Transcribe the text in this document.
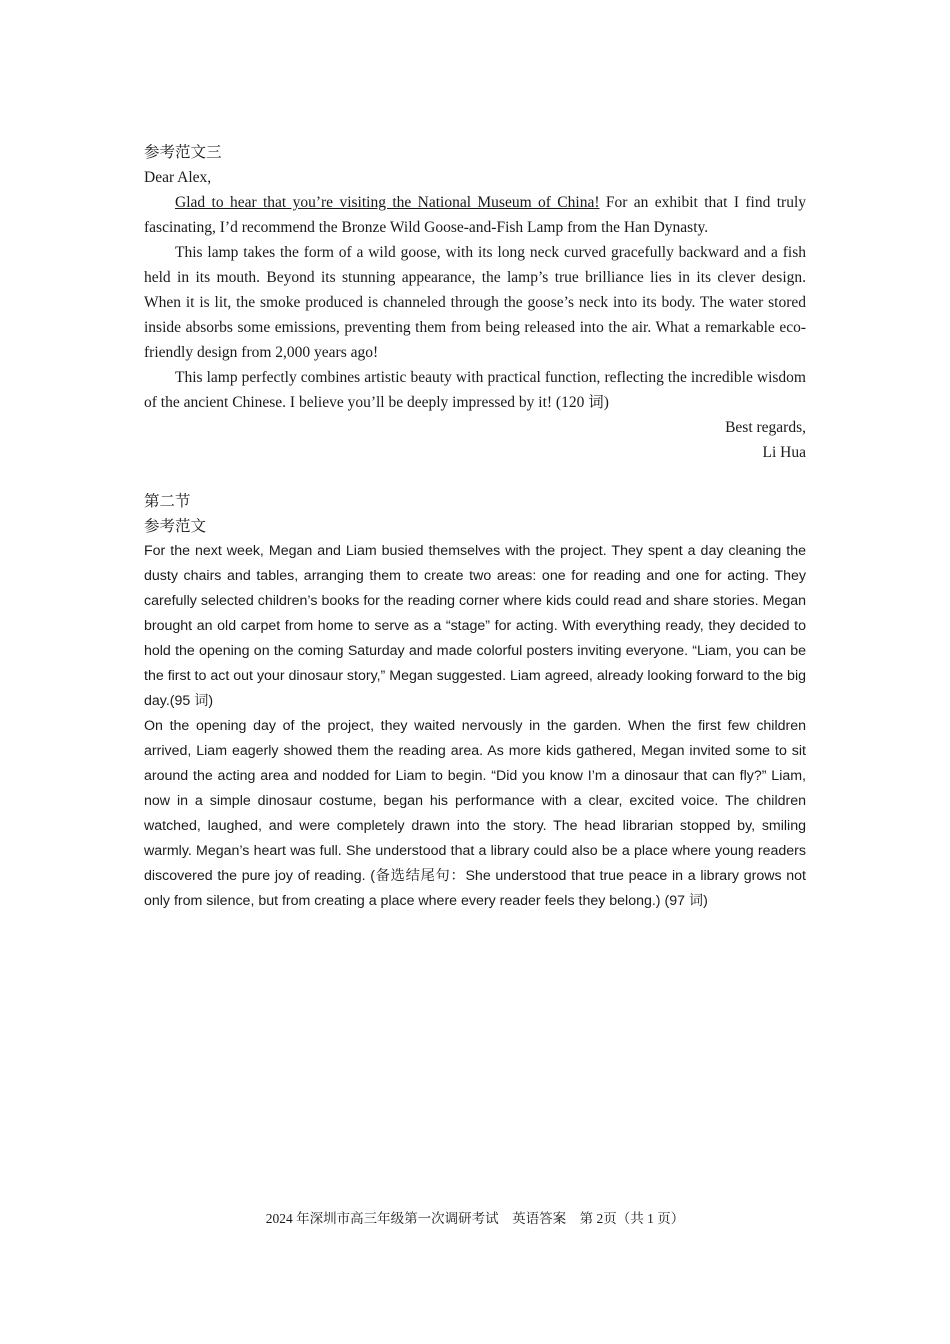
参考范文三

Dear Alex,

Glad to hear that you’re visiting the National Museum of China! For an exhibit that I find truly fascinating, I’d recommend the Bronze Wild Goose-and-Fish Lamp from the Han Dynasty.

This lamp takes the form of a wild goose, with its long neck curved gracefully backward and a fish held in its mouth. Beyond its stunning appearance, the lamp’s true brilliance lies in its clever design. When it is lit, the smoke produced is channeled through the goose’s neck into its body. The water stored inside absorbs some emissions, preventing them from being released into the air. What a remarkable eco-friendly design from 2,000 years ago!

This lamp perfectly combines artistic beauty with practical function, reflecting the incredible wisdom of the ancient Chinese. I believe you’ll be deeply impressed by it! (120 词)

Best regards,

Li Hua

第二节

参考范文

For the next week, Megan and Liam busied themselves with the project. They spent a day cleaning the dusty chairs and tables, arranging them to create two areas: one for reading and one for acting. They carefully selected children’s books for the reading corner where kids could read and share stories. Megan brought an old carpet from home to serve as a “stage” for acting. With everything ready, they decided to hold the opening on the coming Saturday and made colorful posters inviting everyone. “Liam, you can be the first to act out your dinosaur story,” Megan suggested. Liam agreed, already looking forward to the big day.(95 词)

On the opening day of the project, they waited nervously in the garden. When the first few children arrived, Liam eagerly showed them the reading area. As more kids gathered, Megan invited some to sit around the acting area and nodded for Liam to begin. “Did you know I’m a dinosaur that can fly?” Liam, now in a simple dinosaur costume, began his performance with a clear, excited voice. The children watched, laughed, and were completely drawn into the story. The head librarian stopped by, smiling warmly. Megan’s heart was full. She understood that a library could also be a place where young readers discovered the pure joy of reading. (备选结尾句：She understood that true peace in a library grows not only from silence, but from creating a place where every reader feels they belong.) (97 词)

2024 年深圳市高三年级第一次调研考试　英语答案　第 2页（共 1 页）
